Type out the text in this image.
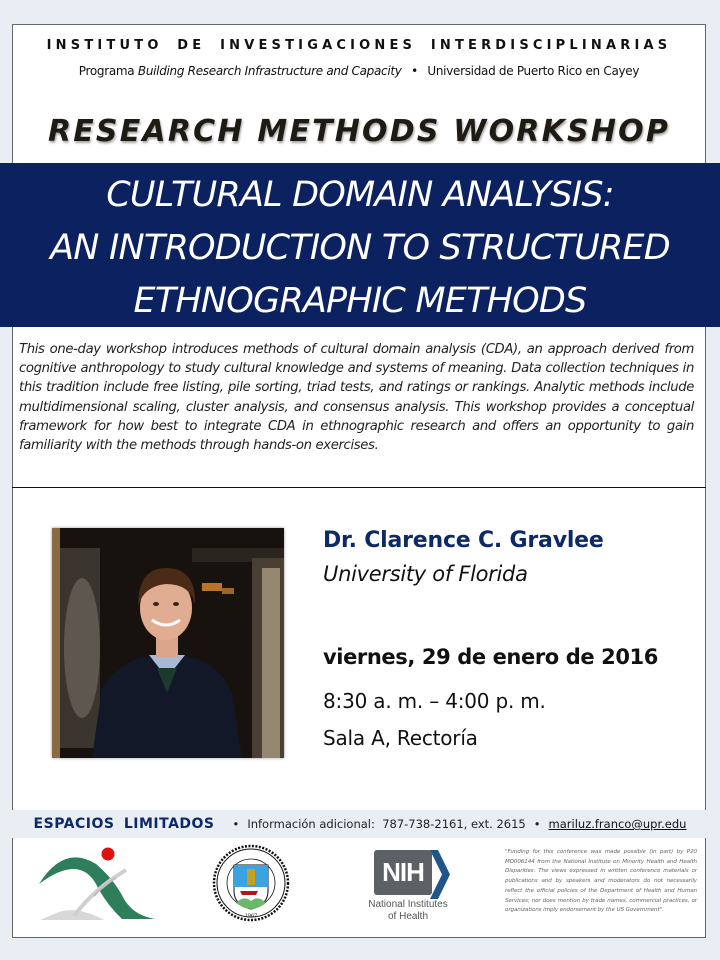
INSTITUTO DE INVESTIGACIONES INTERDISCIPLINARIAS
Programa Building Research Infrastructure and Capacity • Universidad de Puerto Rico en Cayey
RESEARCH METHODS WORKSHOP
CULTURAL DOMAIN ANALYSIS:
AN INTRODUCTION TO STRUCTURED
ETHNOGRAPHIC METHODS

This one-day workshop introduces methods of cultural domain analysis (CDA), an approach derived from cognitive anthropology to study cultural knowledge and systems of meaning. Data collection techniques in this tradition include free listing, pile sorting, triad tests, and ratings or rankings. Analytic methods include multidimensional scaling, cluster analysis, and consensus analysis. This workshop provides a conceptual framework for how best to integrate CDA in ethnographic research and offers an opportunity to gain familiarity with the methods through hands-on exercises.

Dr. Clarence C. Gravlee
University of Florida
viernes, 29 de enero de 2016
8:30 a. m. – 4:00 p. m.
Sala A, Rectoría
ESPACIOS LIMITADOS • Información adicional:
787-738-2161, ext. 2615 • mariluz.franco@upr.edu
1967
NIH
National Institutes
of Health

"Funding for this conference was made possible (in part) by P20 MD006144 from the National Institute on Minority Health and Health Disparities. The views expressed in written conference materials or publications and by speakers and moderators do not necessarily reflect the official policies of the Department of Health and Human Services; nor does mention by trade names, commercial practices, or organizations imply endorsement by the US Government".
